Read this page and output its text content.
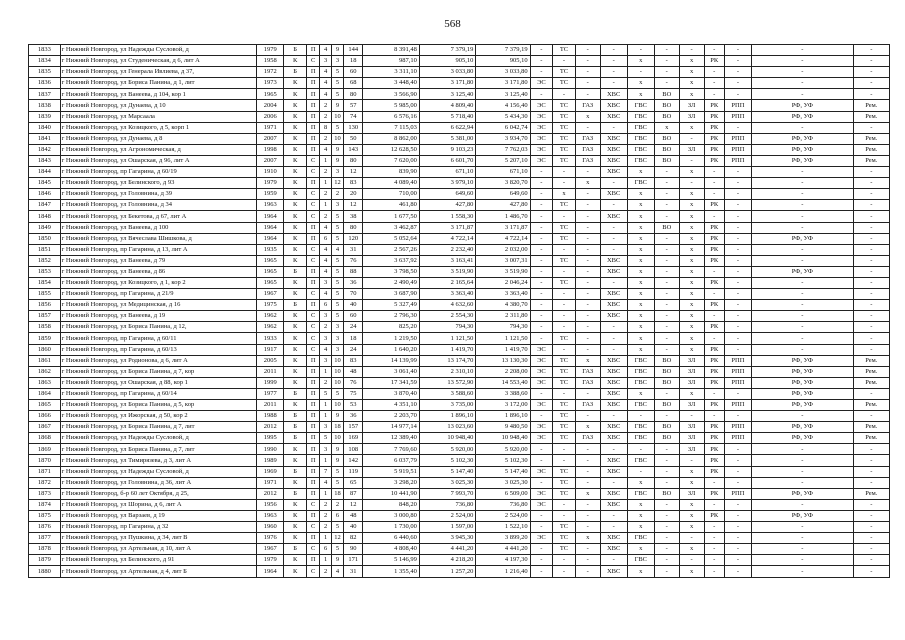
568
1833	г Нижний Новгород, ул Надежды Сусловой, д	1979	Б	П	4	9	144	8 391,48	7 379,19	7 379,19	-	ТС	-	-	-	-	-	-	-	-	-
1834	г Нижний Новгород, ул Студеническая, д 6, лит А	1958	К	С	3	3	18	987,10	905,10	905,10	-	-	-	-	х	-	х	РК	-	-	-
1835	г Нижний Новгород, ул Генерала Ивлиева, д 37,	1972	Б	П	4	5	60	3 311,10	3 033,80	3 033,80	-	ТС	-	-	-	-	х	-	-	-	-
1836	г Нижний Новгород, ул Бориса Панина, д 1, лит	1973	К	П	4	5	68	3 448,40	3 171,80	3 171,80	ЭС	ТС	-	-	х	-	х	-	-	-	-
1837	г Нижний Новгород, ул Ванеева, д 104, кор 1	1965	К	П	4	5	80	3 566,90	3 125,40	3 125,40	-	-	-	ХВС	х	ВО	х	-	-	-	-
1838	г Нижний Новгород, ул Дунаева, д 10	2004	К	П	2	9	57	5 985,00	4 809,40	4 156,40	ЭС	ТС	ГАЗ	ХВС	ГВС	ВО	ЗЛ	РК	РПП	РФ, УФ	Рем.
1839	г Нижний Новгород, ул Марсаала	2006	К	П	2	10	74	6 576,16	5 718,40	5 434,30	ЭС	ТС	х	ХВС	ГВС	ВО	ЗЛ	РК	РПП	РФ, УФ	Рем.
1840	г Нижний Новгород, ул Козицкого, д 5, корп 1	1971	К	П	8	5	130	7 115,03	6 622,94	6 042,74	ЭС	ТС	-	-	ГВС	х	х	РК	-	-	-
1841	г Нижний Новгород, ул Дунаева, д 8	2007	К	П	2	10	50	8 862,00	5 381,00	3 934,70	ЭС	ТС	ГАЗ	ХВС	ГВС	ВО	-	РК	РПП	РФ, УФ	Рем.
1842	г Нижний Новгород, ул Агрономическая, д	1998	К	П	4	9	143	12 628,50	9 103,23	7 762,03	ЭС	ТС	ГАЗ	ХВС	ГВС	ВО	ЗЛ	РК	РПП	РФ, УФ	Рем.
1843	г Нижний Новгород, ул Ошарская, д 96, лит А	2007	К	С	1	9	80	7 620,00	6 601,70	5 207,10	ЭС	ТС	ГАЗ	ХВС	ГВС	ВО	-	РК	РПП	РФ, УФ	Рем.
1844	г Нижний Новгород, пр Гагарина, д 60/19	1910	К	С	2	3	12	839,90	671,10	671,10	-	-	-	ХВС	х	-	х	-	-	-	-
1845	г Нижний Новгород, ул Белинского, д 93	1979	К	П	1	12	83	4 089,40	3 979,10	3 820,70	-	-	х	-	ГВС	-	-	-	-	-	-
1846	г Нижний Новгород, ул Головнина, д 39	1959	К	С	2	2	20	710,00	649,60	649,60	-	х	-	ХВС	х	-	х	-	-	-	-
1847	г Нижний Новгород, ул Головнина, д 34	1963	К	С	1	3	12	461,80	427,80	427,80	-	ТС	-	-	х	-	х	РК	-	-	-
1848	г Нижний Новгород, ул Бекетова, д 67, лит А	1964	К	С	2	5	38	1 677,50	1 558,30	1 486,70	-	-	-	ХВС	х	-	х	-	-	-	-
1849	г Нижний Новгород, ул Ванеева, д 100	1964	К	П	4	5	80	3 462,87	3 171,87	3 171,87	-	ТС	-	-	х	ВО	х	РК	-	-	-
1850	г Нижний Новгород, ул Вячеслава Шишкова, д	1964	К	П	6	5	120	5 052,64	4 722,14	4 722,14	-	ТС	-	-	х	-	х	РК	-	РФ, УФ	-
1851	г Нижний Новгород, пр Гагарина, д 13, лит А	1935	К	С	4	4	31	2 567,26	2 232,40	2 032,00	-	-	-	-	х	-	х	РК	-	-	-
1852	г Нижний Новгород, ул Ванеева, д 79	1965	К	С	4	5	76	3 637,92	3 163,41	3 007,31	-	ТС	-	ХВС	х	-	х	РК	-	-	-
1853	г Нижний Новгород, ул Ванеева, д 86	1965	Б	П	4	5	88	3 798,50	3 519,90	3 519,90	-	-	-	ХВС	х	-	х	-	-	РФ, УФ	-
1854	г Нижний Новгород, ул Козицкого, д 1, кор 2	1965	К	П	3	5	36	2 490,49	2 165,64	2 046,24	-	ТС	-	-	х	-	х	РК	-	-	-
1855	г Нижний Новгород, пр Гагарина, д 21/9	1967	К	С	4	5	70	3 687,90	3 363,40	3 363,40	-	-	-	ХВС	х	-	х	-	-	-	-
1856	г Нижний Новгород, ул Медицинская, д 16	1975	Б	П	6	5	40	5 327,49	4 632,60	4 380,70	-	-	-	ХВС	х	-	х	РК	-	-	-
1857	г Нижний Новгород, ул Ванеева, д 19	1962	К	С	3	5	60	2 796,30	2 554,30	2 311,80	-	-	-	ХВС	х	-	х	-	-	-	-
1858	г Нижний Новгород, ул Бориса Панина, д 12,	1962	К	С	2	3	24	825,20	794,30	794,30	-	-	-	-	х	-	х	РК	-	-	-
1859	г Нижний Новгород, пр Гагарина, д 60/11	1933	К	С	3	3	18	1 219,50	1 121,50	1 121,50	-	ТС	-	-	х	-	х	-	-	-	-
1860	г Нижний Новгород, пр Гагарина, д 60/13	1917	К	С	4	3	24	1 640,20	1 419,70	1 419,70	ЭС	-	-	-	х	-	х	РК	-	-	-
1861	г Нижний Новгород, ул Родионова, д 6, лит А	2005	К	П	3	10	83	14 139,99	13 174,70	13 130,30	ЭС	ТС	х	ХВС	ГВС	ВО	ЗЛ	РК	РПП	РФ, УФ	Рем.
1862	г Нижний Новгород, ул Бориса Панина, д 7, кор	2011	К	П	1	10	48	3 061,40	2 310,10	2 208,00	ЭС	ТС	ГАЗ	ХВС	ГВС	ВО	ЗЛ	РК	РПП	РФ, УФ	Рем.
1863	г Нижний Новгород, ул Ошарская, д 88, кор 1	1999	К	П	2	10	76	17 341,59	13 572,90	14 553,40	ЭС	ТС	ГАЗ	ХВС	ГВС	ВО	ЗЛ	РК	РПП	РФ, УФ	Рем.
1864	г Нижний Новгород, пр Гагарина, д 60/14	1977	Б	П	5	5	75	3 870,40	3 588,60	3 388,60	-	-	-	ХВС	х	-	х	-	-	РФ, УФ	-
1865	г Нижний Новгород, ул Бориса Панина, д 5, кор	2011	К	П	1	10	53	4 351,10	3 735,00	3 172,00	ЭС	ТС	ГАЗ	ХВС	ГВС	ВО	ЗЛ	РК	РПП	РФ, УФ	Рем.
1866	г Нижний Новгород, ул Ижорская, д 50, кор 2	1988	Б	П	1	9	36	2 203,70	1 896,10	1 896,10	-	ТС	-	-	-	-	-	-	-	-	-
1867	г Нижний Новгород, ул Бориса Панина, д 7, лит	2012	Б	П	3	18	157	14 977,14	13 023,60	9 480,50	ЭС	ТС	х	ХВС	ГВС	ВО	ЗЛ	РК	РПП	РФ, УФ	Рем.
1868	г Нижний Новгород, ул Надежды Сусловой, д	1995	Б	П	5	10	169	12 389,40	10 948,40	10 948,40	ЭС	ТС	ГАЗ	ХВС	ГВС	ВО	ЗЛ	РК	РПП	РФ, УФ	Рем.
1869	г Нижний Новгород, ул Бориса Панина, д 7, лит	1990	К	П	3	9	108	7 769,60	5 920,00	5 920,00	-	-	-	-	-	-	ЗЛ	РК	-	-	-
1870	г Нижний Новгород, ул Тимирязева, д 3, лит А	1989	К	П	1	9	142	6 037,79	5 102,30	5 102,30	-	-	-	ХВС	ГВС	-	-	РК	-	-	-
1871	г Нижний Новгород, ул Надежды Сусловой, д	1969	Б	П	7	5	119	5 919,51	5 147,40	5 147,40	ЭС	ТС	-	ХВС	-	-	х	РК	-	-	-
1872	г Нижний Новгород, ул Головнина, д 36, лит А	1971	К	П	4	5	65	3 298,20	3 025,30	3 025,30	-	ТС	-	-	х	-	х	-	-	-	-
1873	г Нижний Новгород, б-р 60 лет Октября, д 25,	2012	Б	П	1	18	87	10 441,90	7 993,70	6 509,00	ЭС	ТС	х	ХВС	ГВС	ВО	ЗЛ	РК	РПП	РФ, УФ	Рем.
1874	г Нижний Новгород, ул Шорина, д 6, лит А	1956	К	С	2	2	12	848,20	736,80	736,80	ЭС	-	-	ХВС	х	-	х	-	-	-	-
1875	г Нижний Новгород, ул Варзаев, д 19	1963	К	П	2	6	48	3 000,80	2 524,00	2 524,00	-	-	-	-	х	-	х	РК	-	РФ, УФ	-
1876	г Нижний Новгород, пр Гагарина, д 32	1960	К	С	2	5	40	1 730,00	1 597,00	1 522,10	-	ТС	-	-	х	-	х	-	-	-	-
1877	г Нижний Новгород, ул Пушкина, д 34, лит В	1976	К	П	1	12	82	6 440,60	3 945,30	3 899,20	ЭС	ТС	х	ХВС	ГВС	-	-	-	-	-	-
1878	г Нижний Новгород, ул Артельная, д 10, лит А	1967	Б	С	6	5	90	4 808,40	4 441,20	4 441,20	-	ТС	-	ХВС	х	-	х	-	-	-	-
1879	г Нижний Новгород, ул Белинского, д 91	1979	К	П	1	9	171	5 146,99	4 218,20	4 197,30	-	-	-	-	ГВС	-	-	-	-	-	-
1880	г Нижний Новгород, ул Артельная, д 4, лит Б	1964	К	С	2	4	31	1 355,40	1 257,20	1 216,40	-	-	-	ХВС	х	-	х	-	-	-	-
